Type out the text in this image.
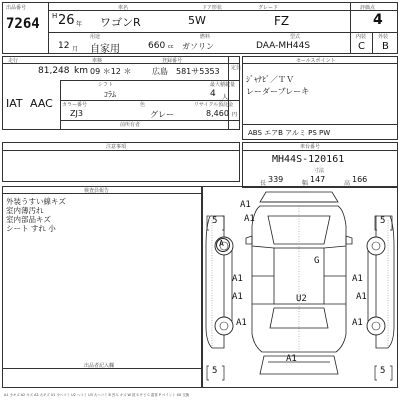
出品番号
7264
車名	ドア形状	グレード	評価点
H 26 年 ワゴンR	5W	FZ	4
用途	燃料	型式	内装 外装
12 月 自家用	660 cc ガソリン	DAA-MH44S	C B
走行	車検	登録番号
81,248 km 09 ＊12 ＊	広島 581サ5353 定員
シフト	最大積載量
IAT AAC
ｺﾗﾑ	4 人
カラー番号	色	リサイクル預託金
ZJ3	グレー	8,460 円
前所有者
セールスポイント
ｼﾞｬﾅﾋﾞ／ＴＶ
レーダーブレーキ
ABS エアB アルミ PS PW
注意事項	車台番号
MH44S-120161
寸法
長 339	幅 147	高 166
検査員報告
外装うすい線キズ
室内薄汚れ
室内部品キズ
シート すれ 小
A1
A1
G
A
A1	A1
A1	A1
A1	A1
U2
A1
5	5
5	5
出品者記入欄
A1 小キズ A2 キズ A3 大キズ U1 小ヘコミ U2 ヘコミ U3 大ヘコミ B 凹み キズ W 波 S サビ C 腐食 P ペイント XX 交換
